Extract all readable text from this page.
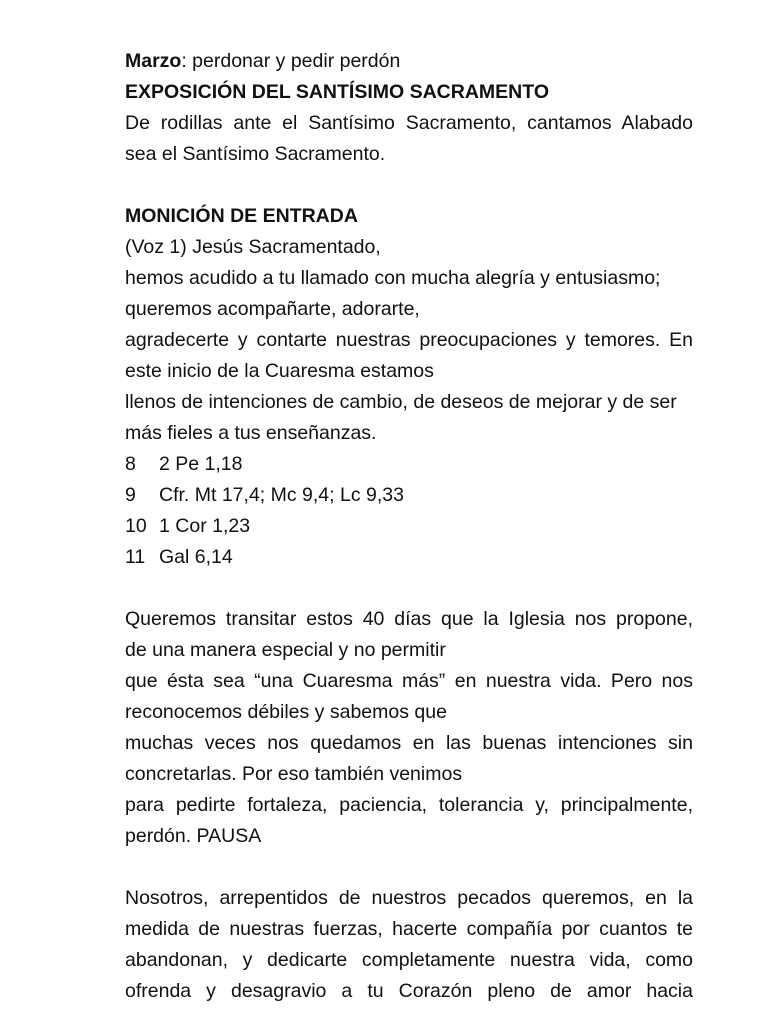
Marzo: perdonar y pedir perdón
EXPOSICIÓN DEL SANTÍSIMO SACRAMENTO
De rodillas ante el Santísimo Sacramento, cantamos Alabado
sea el Santísimo Sacramento.
MONICIÓN DE ENTRADA
(Voz 1) Jesús Sacramentado,
hemos acudido a tu llamado con mucha alegría y entusiasmo;
queremos acompañarte, adorarte,
agradecerte y contarte nuestras preocupaciones y temores. En
este inicio de la Cuaresma estamos
llenos de intenciones de cambio, de deseos de mejorar y de ser
más fieles a tus enseñanzas.
8 2 Pe 1,18
9 Cfr. Mt 17,4; Mc 9,4; Lc 9,33
10 1 Cor 1,23
11 Gal 6,14
Queremos transitar estos 40 días que la Iglesia nos propone,
de una manera especial y no permitir
que ésta sea “una Cuaresma más” en nuestra vida. Pero nos
reconocemos débiles y sabemos que
muchas veces nos quedamos en las buenas intenciones sin
concretarlas. Por eso también venimos
para pedirte fortaleza, paciencia, tolerancia y, principalmente,
perdón. PAUSA
Nosotros, arrepentidos de nuestros pecados queremos, en la
medida de nuestras fuerzas, hacerte compañía por cuantos te
abandonan, y dedicarte completamente nuestra vida, como
ofrenda y desagravio a tu Corazón pleno de amor hacia
